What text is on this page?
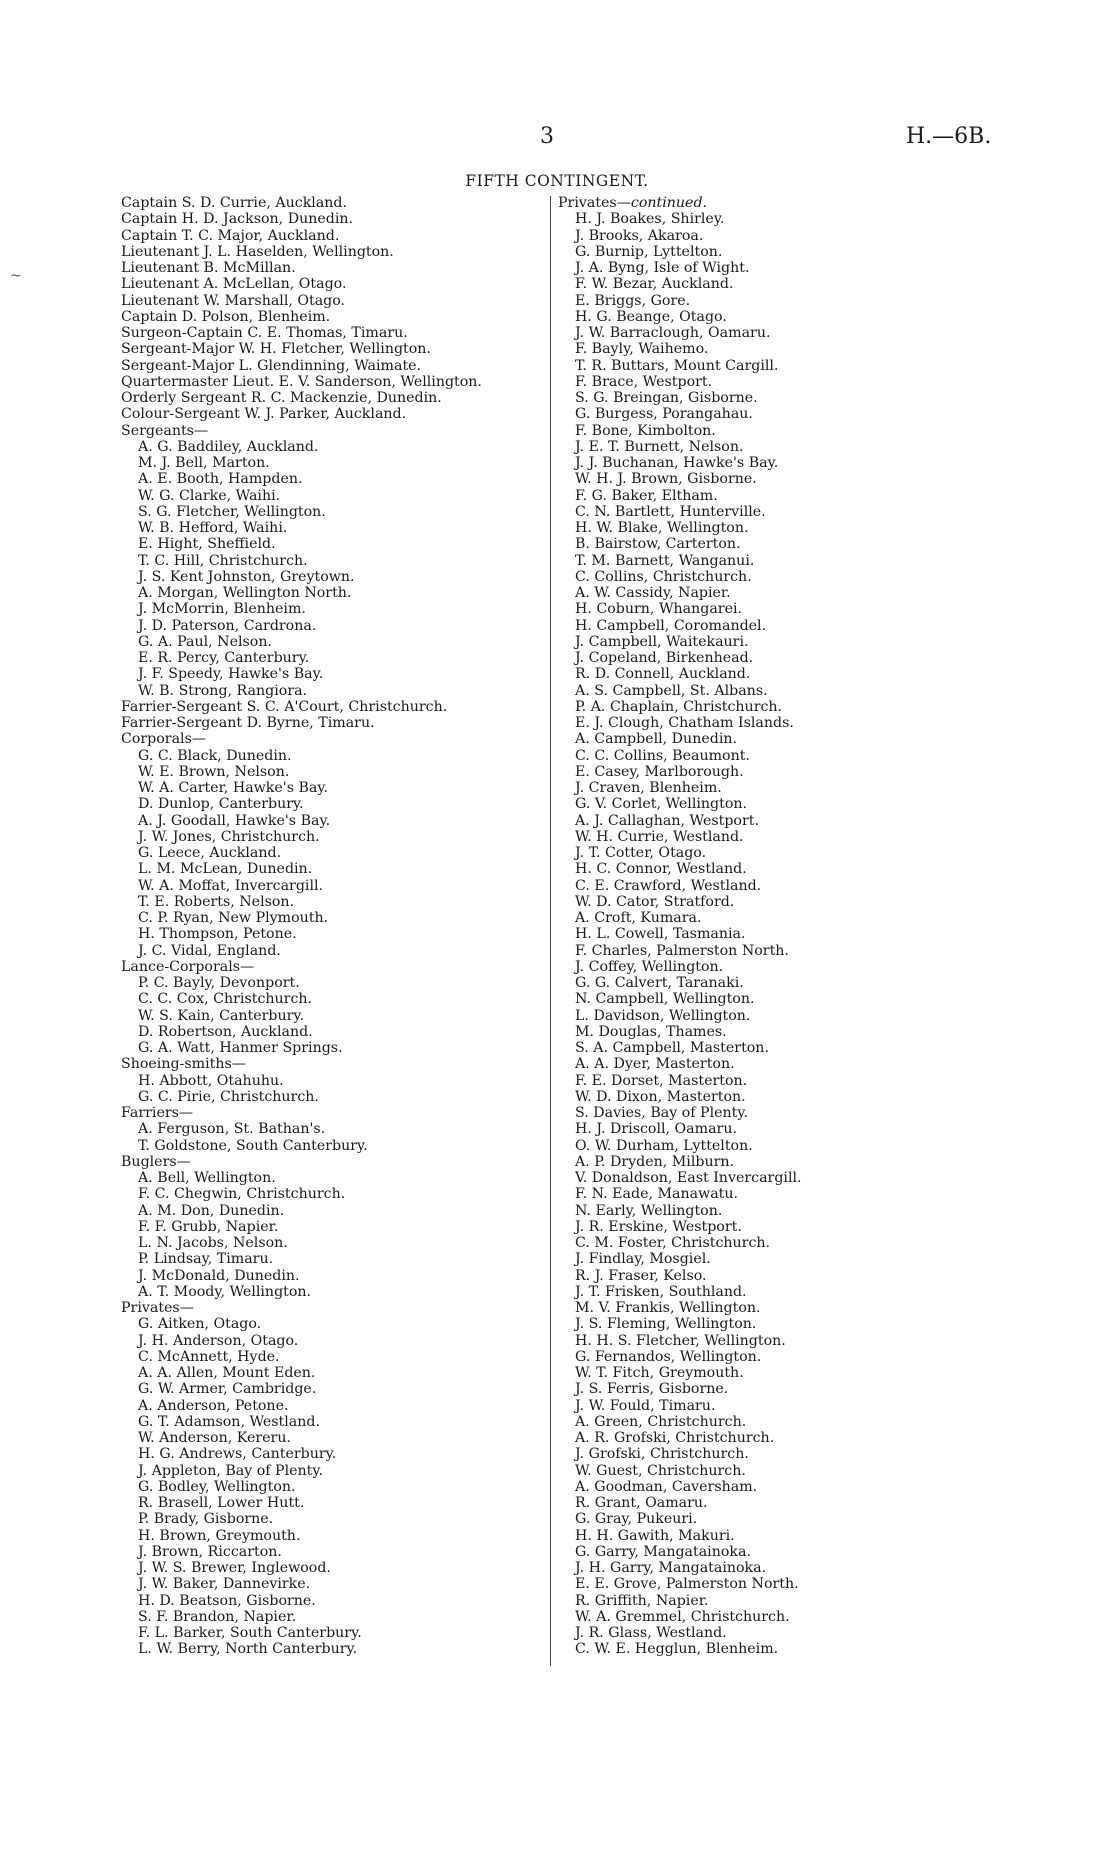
3	H.—6B.
FIFTH CONTINGENT.
Captain S. D. Currie, Auckland.
Captain H. D. Jackson, Dunedin.
Captain T. C. Major, Auckland.
Lieutenant J. L. Haselden, Wellington.
Lieutenant B. McMillan.
Lieutenant A. McLellan, Otago.
Lieutenant W. Marshall, Otago.
Captain D. Polson, Blenheim.
Surgeon-Captain C. E. Thomas, Timaru.
Sergeant-Major W. H. Fletcher, Wellington.
Sergeant-Major L. Glendinning, Waimate.
Quartermaster Lieut. E. V. Sanderson, Wellington.
Orderly Sergeant R. C. Mackenzie, Dunedin.
Colour-Sergeant W. J. Parker, Auckland.
Sergeants—
A. G. Baddiley, Auckland.
M. J. Bell, Marton.
A. E. Booth, Hampden.
W. G. Clarke, Waihi.
S. G. Fletcher, Wellington.
W. B. Hefford, Waihi.
E. Hight, Sheffield.
T. C. Hill, Christchurch.
J. S. Kent Johnston, Greytown.
A. Morgan, Wellington North.
J. McMorrin, Blenheim.
J. D. Paterson, Cardrona.
G. A. Paul, Nelson.
E. R. Percy, Canterbury.
J. F. Speedy, Hawke's Bay.
W. B. Strong, Rangiora.
Farrier-Sergeant S. C. A'Court, Christchurch.
Farrier-Sergeant D. Byrne, Timaru.
Corporals—
G. C. Black, Dunedin.
W. E. Brown, Nelson.
W. A. Carter, Hawke's Bay.
D. Dunlop, Canterbury.
A. J. Goodall, Hawke's Bay.
J. W. Jones, Christchurch.
G. Leece, Auckland.
L. M. McLean, Dunedin.
W. A. Moffat, Invercargill.
T. E. Roberts, Nelson.
C. P. Ryan, New Plymouth.
H. Thompson, Petone.
J. C. Vidal, England.
Lance-Corporals—
P. C. Bayly, Devonport.
C. C. Cox, Christchurch.
W. S. Kain, Canterbury.
D. Robertson, Auckland.
G. A. Watt, Hanmer Springs.
Shoeing-smiths—
H. Abbott, Otahuhu.
G. C. Pirie, Christchurch.
Farriers—
A. Ferguson, St. Bathan's.
T. Goldstone, South Canterbury.
Buglers—
A. Bell, Wellington.
F. C. Chegwin, Christchurch.
A. M. Don, Dunedin.
F. F. Grubb, Napier.
L. N. Jacobs, Nelson.
P. Lindsay, Timaru.
J. McDonald, Dunedin.
A. T. Moody, Wellington.
Privates—
G. Aitken, Otago.
J. H. Anderson, Otago.
C. McAnnett, Hyde.
A. A. Allen, Mount Eden.
G. W. Armer, Cambridge.
A. Anderson, Petone.
G. T. Adamson, Westland.
W. Anderson, Kereru.
H. G. Andrews, Canterbury.
J. Appleton, Bay of Plenty.
G. Bodley, Wellington.
R. Brasell, Lower Hutt.
P. Brady, Gisborne.
H. Brown, Greymouth.
J. Brown, Riccarton.
J. W. S. Brewer, Inglewood.
J. W. Baker, Dannevirke.
H. D. Beatson, Gisborne.
S. F. Brandon, Napier.
F. L. Barker, South Canterbury.
L. W. Berry, North Canterbury.
Privates—continued.
H. J. Boakes, Shirley.
J. Brooks, Akaroa.
G. Burnip, Lyttelton.
J. A. Byng, Isle of Wight.
F. W. Bezar, Auckland.
E. Briggs, Gore.
H. G. Beange, Otago.
J. W. Barraclough, Oamaru.
F. Bayly, Waihemo.
T. R. Buttars, Mount Cargill.
F. Brace, Westport.
S. G. Breingan, Gisborne.
G. Burgess, Porangahau.
F. Bone, Kimbolton.
J. E. T. Burnett, Nelson.
J. J. Buchanan, Hawke's Bay.
W. H. J. Brown, Gisborne.
F. G. Baker, Eltham.
C. N. Bartlett, Hunterville.
H. W. Blake, Wellington.
B. Bairstow, Carterton.
T. M. Barnett, Wanganui.
C. Collins, Christchurch.
A. W. Cassidy, Napier.
H. Coburn, Whangarei.
H. Campbell, Coromandel.
J. Campbell, Waitekauri.
J. Copeland, Birkenhead.
R. D. Connell, Auckland.
A. S. Campbell, St. Albans.
P. A. Chaplain, Christchurch.
E. J. Clough, Chatham Islands.
A. Campbell, Dunedin.
C. C. Collins, Beaumont.
E. Casey, Marlborough.
J. Craven, Blenheim.
G. V. Corlet, Wellington.
A. J. Callaghan, Westport.
W. H. Currie, Westland.
J. T. Cotter, Otago.
H. C. Connor, Westland.
C. E. Crawford, Westland.
W. D. Cator, Stratford.
A. Croft, Kumara.
H. L. Cowell, Tasmania.
F. Charles, Palmerston North.
J. Coffey, Wellington.
G. G. Calvert, Taranaki.
N. Campbell, Wellington.
L. Davidson, Wellington.
M. Douglas, Thames.
S. A. Campbell, Masterton.
A. A. Dyer, Masterton.
F. E. Dorset, Masterton.
W. D. Dixon, Masterton.
S. Davies, Bay of Plenty.
H. J. Driscoll, Oamaru.
O. W. Durham, Lyttelton.
A. P. Dryden, Milburn.
V. Donaldson, East Invercargill.
F. N. Eade, Manawatu.
N. Early, Wellington.
J. R. Erskine, Westport.
C. M. Foster, Christchurch.
J. Findlay, Mosgiel.
R. J. Fraser, Kelso.
J. T. Frisken, Southland.
M. V. Frankis, Wellington.
J. S. Fleming, Wellington.
H. H. S. Fletcher, Wellington.
G. Fernandos, Wellington.
W. T. Fitch, Greymouth.
J. S. Ferris, Gisborne.
J. W. Fould, Timaru.
A. Green, Christchurch.
A. R. Grofski, Christchurch.
J. Grofski, Christchurch.
W. Guest, Christchurch.
A. Goodman, Caversham.
R. Grant, Oamaru.
G. Gray, Pukeuri.
H. H. Gawith, Makuri.
G. Garry, Mangatainoka.
J. H. Garry, Mangatainoka.
E. E. Grove, Palmerston North.
R. Griffith, Napier.
W. A. Gremmel, Christchurch.
J. R. Glass, Westland.
C. W. E. Hegglun, Blenheim.
~
